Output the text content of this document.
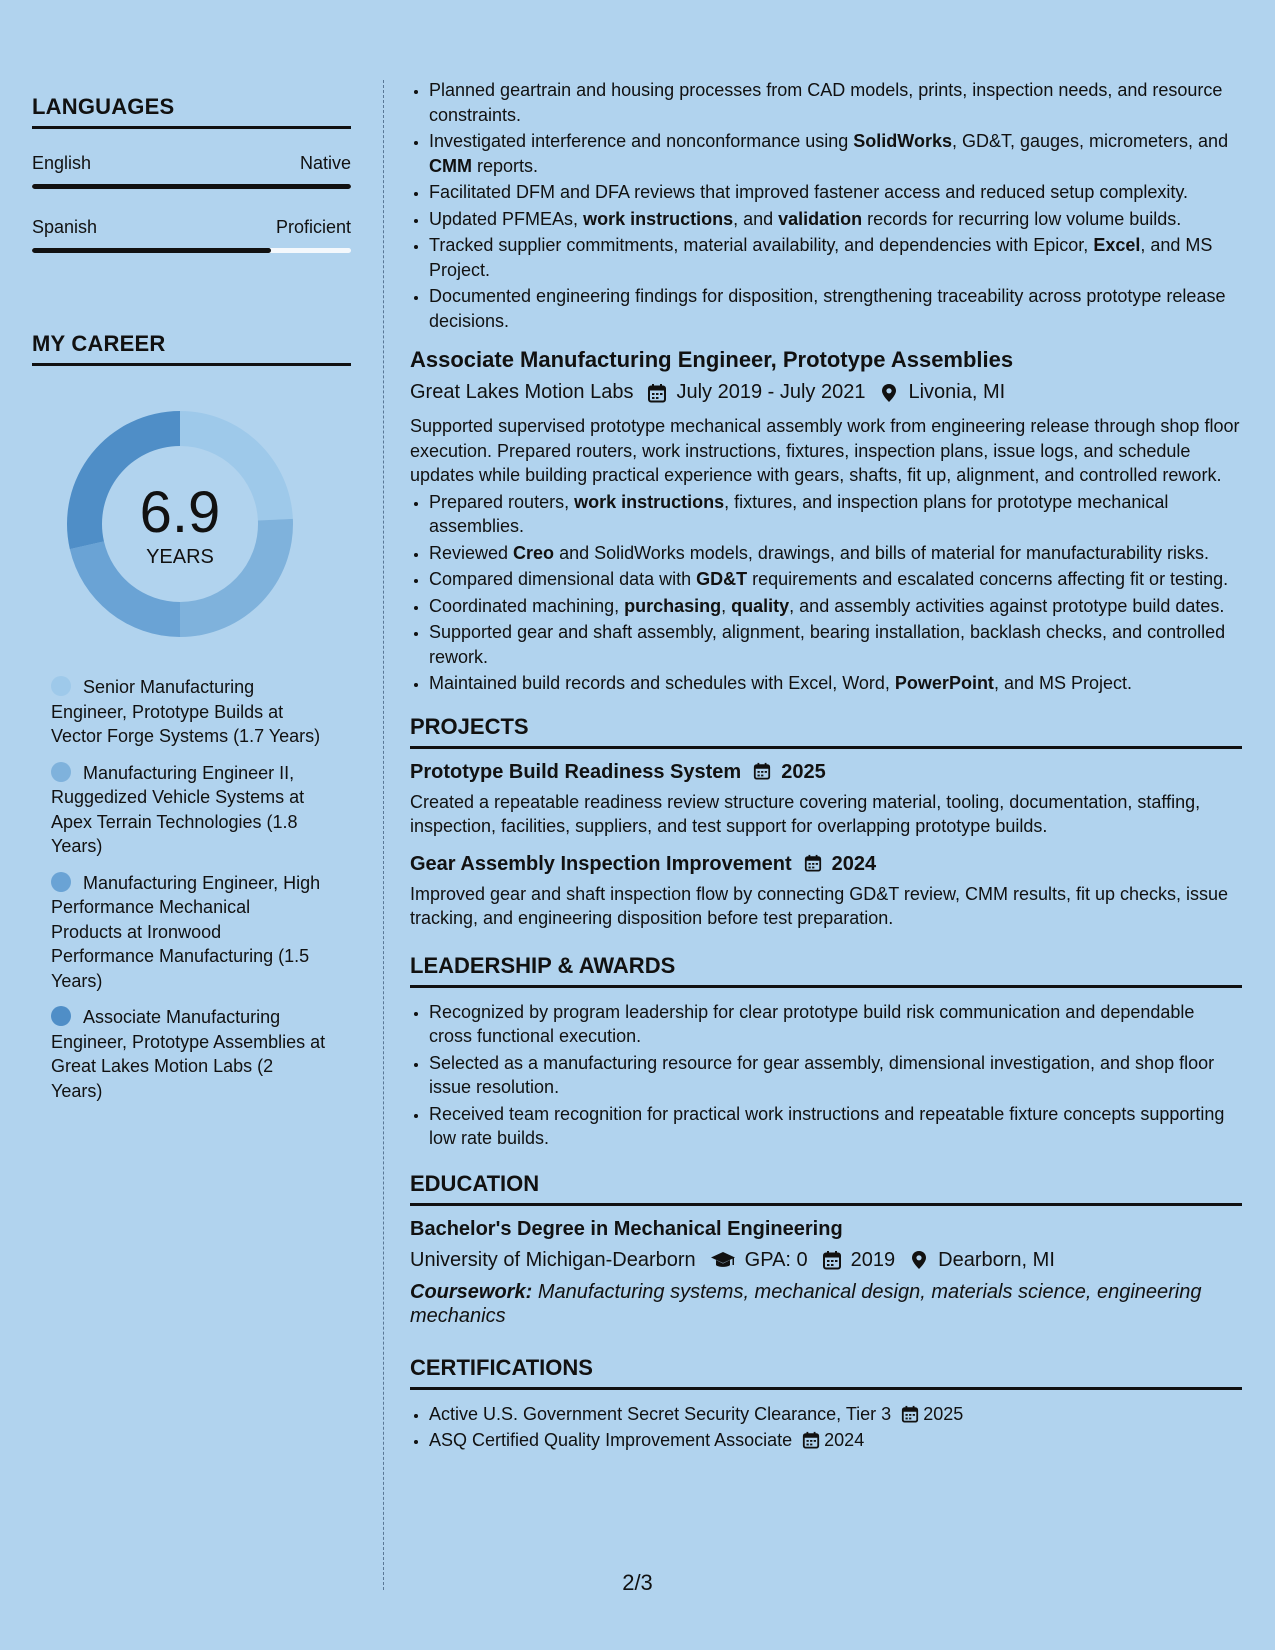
LANGUAGES
English	Native
Spanish	Proficient
MY CAREER
6.9
YEARS
Senior Manufacturing Engineer, Prototype Builds at Vector Forge Systems (1.7 Years)
Manufacturing Engineer II, Ruggedized Vehicle Systems at Apex Terrain Technologies (1.8 Years)
Manufacturing Engineer, High Performance Mechanical Products at Ironwood Performance Manufacturing (1.5 Years)
Associate Manufacturing Engineer, Prototype Assemblies at Great Lakes Motion Labs (2 Years)
• Planned geartrain and housing processes from CAD models, prints, inspection needs, and resource constraints.
• Investigated interference and nonconformance using SolidWorks, GD&T, gauges, micrometers, and CMM reports.
• Facilitated DFM and DFA reviews that improved fastener access and reduced setup complexity.
• Updated PFMEAs, work instructions, and validation records for recurring low volume builds.
• Tracked supplier commitments, material availability, and dependencies with Epicor, Excel, and MS Project.
• Documented engineering findings for disposition, strengthening traceability across prototype release decisions.
Associate Manufacturing Engineer, Prototype Assemblies
Great Lakes Motion Labs July 2019 - July 2021 Livonia, MI
Supported supervised prototype mechanical assembly work from engineering release through shop floor execution. Prepared routers, work instructions, fixtures, inspection plans, issue logs, and schedule updates while building practical experience with gears, shafts, fit up, alignment, and controlled rework.
• Prepared routers, work instructions, fixtures, and inspection plans for prototype mechanical assemblies.
• Reviewed Creo and SolidWorks models, drawings, and bills of material for manufacturability risks.
• Compared dimensional data with GD&T requirements and escalated concerns affecting fit or testing.
• Coordinated machining, purchasing, quality, and assembly activities against prototype build dates.
• Supported gear and shaft assembly, alignment, bearing installation, backlash checks, and controlled rework.
• Maintained build records and schedules with Excel, Word, PowerPoint, and MS Project.
PROJECTS
Prototype Build Readiness System 2025
Created a repeatable readiness review structure covering material, tooling, documentation, staffing, inspection, facilities, suppliers, and test support for overlapping prototype builds.
Gear Assembly Inspection Improvement 2024
Improved gear and shaft inspection flow by connecting GD&T review, CMM results, fit up checks, issue tracking, and engineering disposition before test preparation.
LEADERSHIP & AWARDS
• Recognized by program leadership for clear prototype build risk communication and dependable cross functional execution.
• Selected as a manufacturing resource for gear assembly, dimensional investigation, and shop floor issue resolution.
• Received team recognition for practical work instructions and repeatable fixture concepts supporting low rate builds.
EDUCATION
Bachelor's Degree in Mechanical Engineering
University of Michigan-Dearborn GPA: 0 2019 Dearborn, MI
Coursework: Manufacturing systems, mechanical design, materials science, engineering mechanics
CERTIFICATIONS
• Active U.S. Government Secret Security Clearance, Tier 3 2025
• ASQ Certified Quality Improvement Associate 2024
2/3
